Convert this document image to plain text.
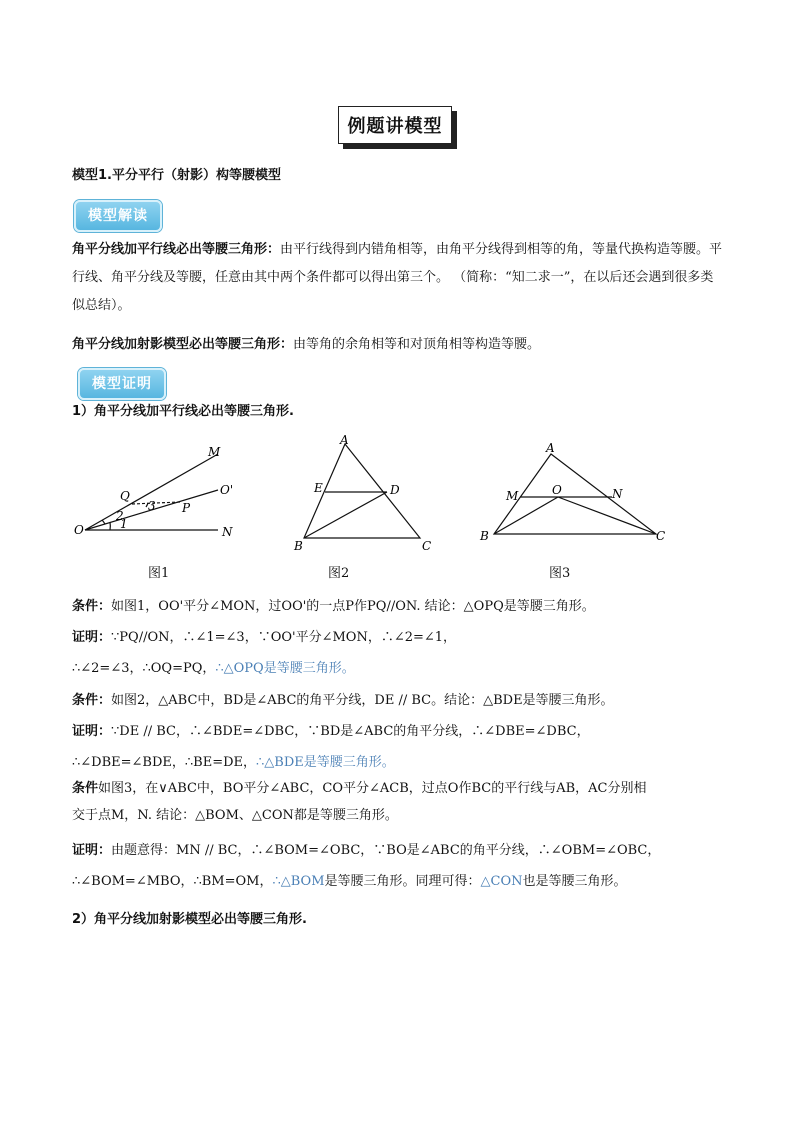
例题讲模型
模型1.平分平行（射影）构等腰模型
模型解读
角平分线加平行线必出等腰三角形：由平行线得到内错角相等，由角平分线得到相等的角，等量代换构造等腰。平行线、角平分线及等腰，任意由其中两个条件都可以得出第三个。 （简称：“知二求一”，在以后还会遇到很多类似总结）。
角平分线加射影模型必出等腰三角形：由等角的余角相等和对顶角相等构造等腰。
模型证明
1）角平分线加平行线必出等腰三角形.
M
O'
Q
P
O	N
1
2
3
图1
A
E	D
B	C
图2
A
M	O	N
B	C
图3
条件：如图1，OO'平分∠MON，过OO'的一点P作PQ//ON. 结论：△OPQ是等腰三角形。
证明：∵PQ//ON，∴∠1=∠3，∵OO'平分∠MON，∴∠2=∠1，
∴∠2=∠3，∴OQ=PQ，∴△OPQ是等腰三角形。
条件：如图2，△ABC中，BD是∠ABC的角平分线，DE // BC。结论：△BDE是等腰三角形。
证明：∵DE // BC，∴∠BDE=∠DBC，∵BD是∠ABC的角平分线，∴∠DBE=∠DBC，
∴∠DBE=∠BDE，∴BE=DE，∴△BDE是等腰三角形。
条件如图3，在∨ABC中，BO平分∠ABC，CO平分∠ACB，过点O作BC的平行线与AB，AC分别相
交于点M，N. 结论：△BOM、△CON都是等腰三角形。
证明：由题意得：MN // BC，∴∠BOM=∠OBC，∵BO是∠ABC的角平分线，∴∠OBM=∠OBC，
∴∠BOM=∠MBO，∴BM=OM，∴△BOM是等腰三角形。同理可得：△CON也是等腰三角形。
2）角平分线加射影模型必出等腰三角形.
